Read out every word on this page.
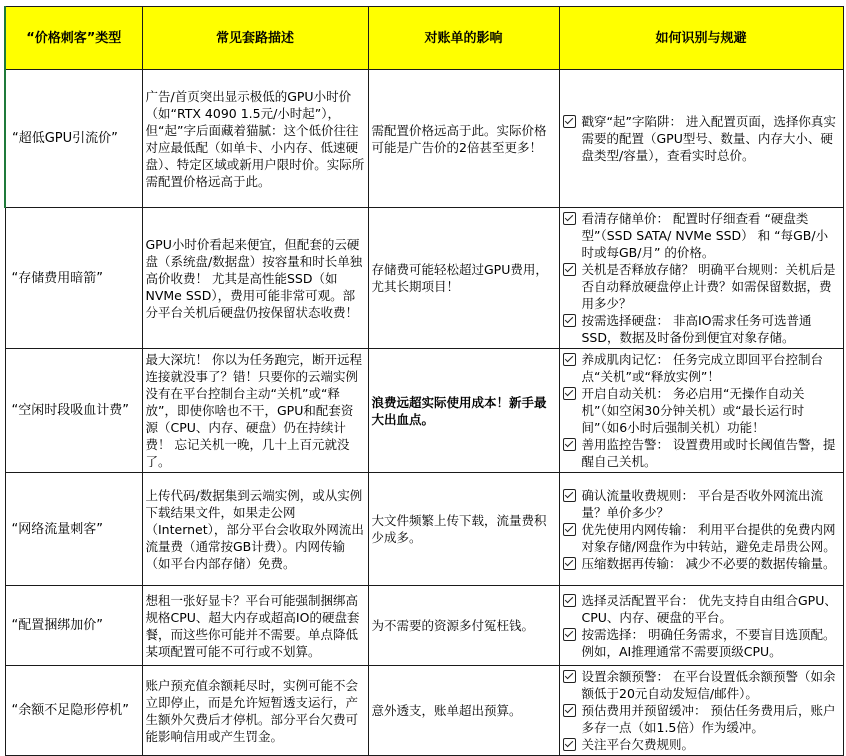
“价格刺客”类型	常见套路描述	对账单的影响	如何识别与规避
“超低GPU引流价”	广告/首页突出显示极低的GPU小时价（如“RTX 4090 1.5元/小时起”），但“起”字后面藏着猫腻：这个低价往往对应最低配（如单卡、小内存、低速硬盘）、特定区域或新用户限时价。实际所需配置价格远高于此。	需配置价格远高于此。实际价格可能是广告价的2倍甚至更多！	戳穿“起”字陷阱： 进入配置页面，选择你真实需要的配置（GPU型号、数量、内存大小、硬盘类型/容量），查看实时总价。

“存储费用暗箭”	GPU小时价看起来便宜，但配套的云硬盘（系统盘/数据盘）按容量和时长单独高价收费！ 尤其是高性能SSD（如NVMe SSD），费用可能非常可观。部分平台关机后硬盘仍按保留状态收费！	存储费可能轻松超过GPU费用，尤其长期项目！	看清存储单价： 配置时仔细查看 “硬盘类型”（SSD SATA/ NVMe SSD） 和 “每GB/小时或每GB/月” 的价格。
关机是否释放存储？ 明确平台规则：关机后是否自动释放硬盘停止计费？如需保留数据，费用多少？
按需选择硬盘： 非高IO需求任务可选普通SSD，数据及时备份到便宜对象存储。

“空闲时段吸血计费”	最大深坑！ 你以为任务跑完，断开远程连接就没事了？错！只要你的云端实例没有在平台控制台主动“关机”或“释放”，即使你啥也不干，GPU和配套资源（CPU、内存、硬盘）仍在持续计费！ 忘记关机一晚，几十上百元就没了。	浪费远超实际使用成本！新手最大出血点。	养成肌肉记忆： 任务完成立即回平台控制台点“关机”或“释放实例”！
开启自动关机： 务必启用“无操作自动关机”（如空闲30分钟关机）或“最长运行时间”（如6小时后强制关机）功能！
善用监控告警： 设置费用或时长阈值告警，提醒自己关机。

“网络流量刺客”	上传代码/数据集到云端实例，或从实例下载结果文件，如果走公网（Internet），部分平台会收取外网流出流量费（通常按GB计费）。内网传输（如平台内部存储）免费。	大文件频繁上传下载，流量费积少成多。	确认流量收费规则： 平台是否收外网流出流量？单价多少？
优先使用内网传输： 利用平台提供的免费内网对象存储/网盘作为中转站，避免走昂贵公网。
压缩数据再传输： 减少不必要的数据传输量。

“配置捆绑加价”	想租一张好显卡？平台可能强制捆绑高规格CPU、超大内存或超高IO的硬盘套餐，而这些你可能并不需要。单点降低某项配置可能不可行或不划算。	为不需要的资源多付冤枉钱。	选择灵活配置平台： 优先支持自由组合GPU、CPU、内存、硬盘的平台。
按需选择： 明确任务需求，不要盲目选顶配。例如，AI推理通常不需要顶级CPU。

“余额不足隐形停机”	账户预充值余额耗尽时，实例可能不会立即停止，而是允许短暂透支运行，产生额外欠费后才停机。部分平台欠费可能影响信用或产生罚金。	意外透支，账单超出预算。	设置余额预警： 在平台设置低余额预警（如余额低于20元自动发短信/邮件）。
预估费用并预留缓冲： 预估任务费用后，账户多存一点（如1.5倍）作为缓冲。
关注平台欠费规则。
